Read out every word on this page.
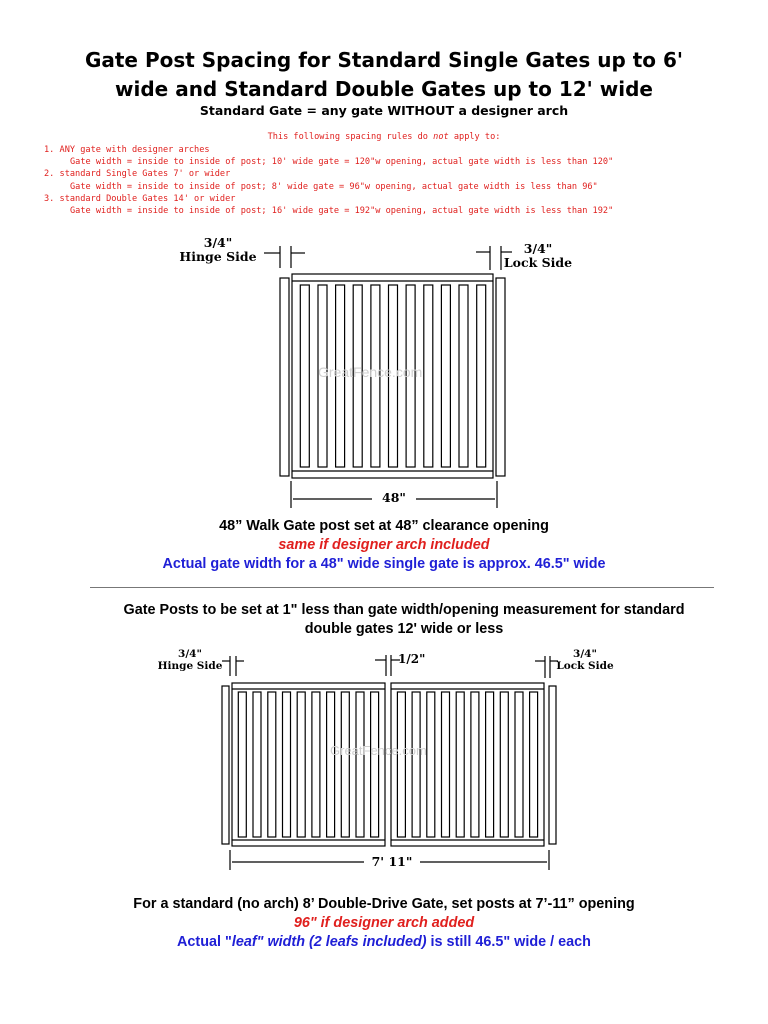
Gate Post Spacing for Standard Single Gates up to 6'
wide and Standard Double Gates up to 12' wide
Standard Gate = any gate WITHOUT a designer arch
This following spacing rules do not apply to:
1. ANY gate with designer arches
Gate width = inside to inside of post; 10' wide gate = 120"w opening, actual gate width is less than 120"
2. standard Single Gates 7' or wider
Gate width = inside to inside of post; 8' wide gate = 96"w opening, actual gate width is less than 96"
3. standard Double Gates 14' or wider
Gate width = inside to inside of post; 16' wide gate = 192"w opening, actual gate width is less than 192"
GreatFence.com
GreatFence.com
3/4"
Hinge Side
3/4"
Lock Side
48"
48” Walk Gate post set at 48” clearance opening
same if designer arch included
Actual gate width for a 48" wide single gate is approx. 46.5" wide
Gate Posts to be set at 1" less than gate width/opening measurement for standard
double gates 12' wide or less
3/4"
Hinge Side	1/2"	3/4"
Lock Side
7' 11"
For a standard (no arch) 8’ Double-Drive Gate, set posts at 7’-11” opening
96" if designer arch added
Actual "leaf" width (2 leafs included) is still 46.5" wide / each
